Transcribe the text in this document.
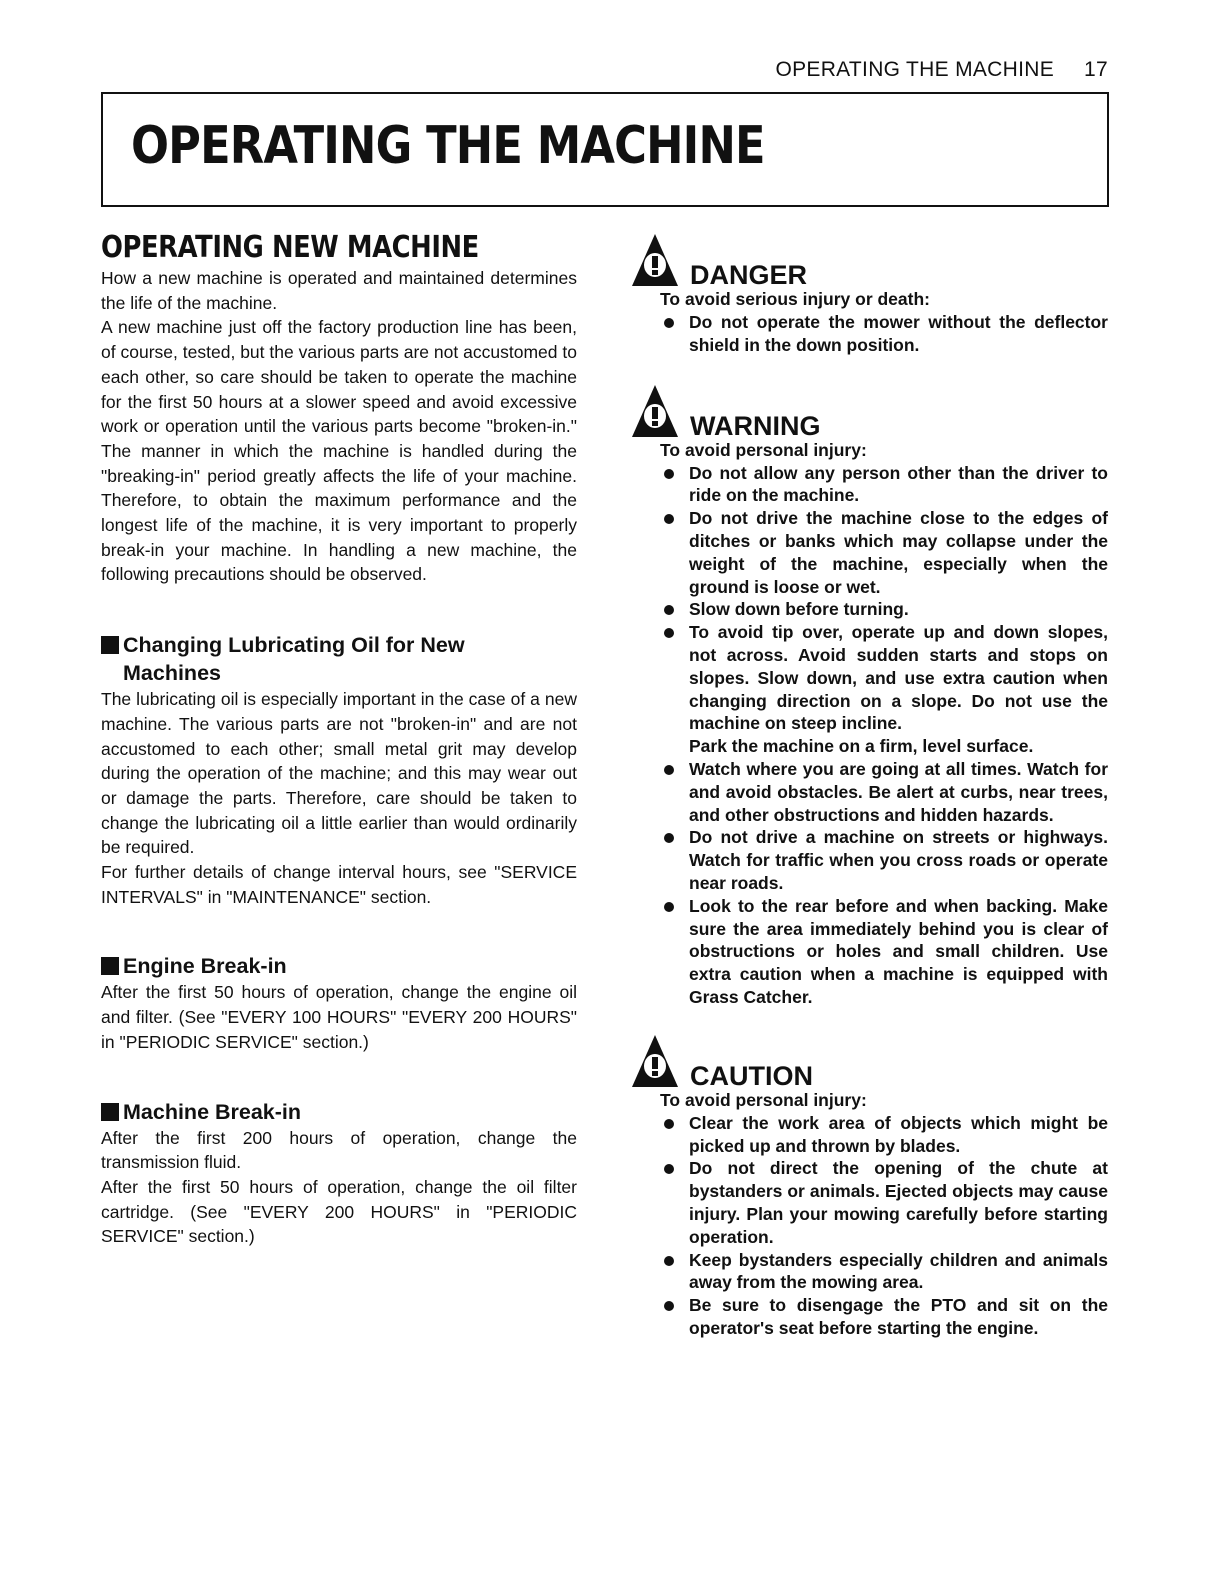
OPERATING THE MACHINE 17
OPERATING THE MACHINE
OPERATING NEW MACHINE

How a new machine is operated and maintained determines the life of the machine.

A new machine just off the factory production line has been, of course, tested, but the various parts are not accustomed to each other, so care should be taken to operate the machine for the first 50 hours at a slower speed and avoid excessive work or operation until the various parts become "broken-in." The manner in which the machine is handled during the "breaking-in" period greatly affects the life of your machine. Therefore, to obtain the maximum performance and the longest life of the machine, it is very important to properly break-in your machine. In handling a new machine, the following precautions should be observed.

Changing Lubricating Oil for New Machines

The lubricating oil is especially important in the case of a new machine. The various parts are not "broken-in" and are not accustomed to each other; small metal grit may develop during the operation of the machine; and this may wear out or damage the parts. Therefore, care should be taken to change the lubricating oil a little earlier than would ordinarily be required.

For further details of change interval hours, see "SERVICE INTERVALS" in "MAINTENANCE" section.

Engine Break-in

After the first 50 hours of operation, change the engine oil and filter. (See "EVERY 100 HOURS" "EVERY 200 HOURS" in "PERIODIC SERVICE" section.)

Machine Break-in

After the first 200 hours of operation, change the transmission fluid.

After the first 50 hours of operation, change the oil filter cartridge. (See "EVERY 200 HOURS" in "PERIODIC SERVICE" section.)

DANGER
To avoid serious injury or death:
Do not operate the mower without the deflector shield in the down position.
WARNING
To avoid personal injury:
Do not allow any person other than the driver to ride on the machine.
Do not drive the machine close to the edges of ditches or banks which may collapse under the weight of the machine, especially when the ground is loose or wet.
Slow down before turning.
To avoid tip over, operate up and down slopes, not across. Avoid sudden starts and stops on slopes. Slow down, and use extra caution when changing direction on a slope. Do not use the machine on steep incline.
Park the machine on a firm, level surface.
Watch where you are going at all times. Watch for and avoid obstacles. Be alert at curbs, near trees, and other obstructions and hidden hazards.
Do not drive a machine on streets or highways. Watch for traffic when you cross roads or operate near roads.
Look to the rear before and when backing. Make sure the area immediately behind you is clear of obstructions or holes and small children. Use extra caution when a machine is equipped with Grass Catcher.
CAUTION
To avoid personal injury:
Clear the work area of objects which might be picked up and thrown by blades.
Do not direct the opening of the chute at bystanders or animals. Ejected objects may cause injury. Plan your mowing carefully before starting operation.
Keep bystanders especially children and animals away from the mowing area.
Be sure to disengage the PTO and sit on the operator's seat before starting the engine.
